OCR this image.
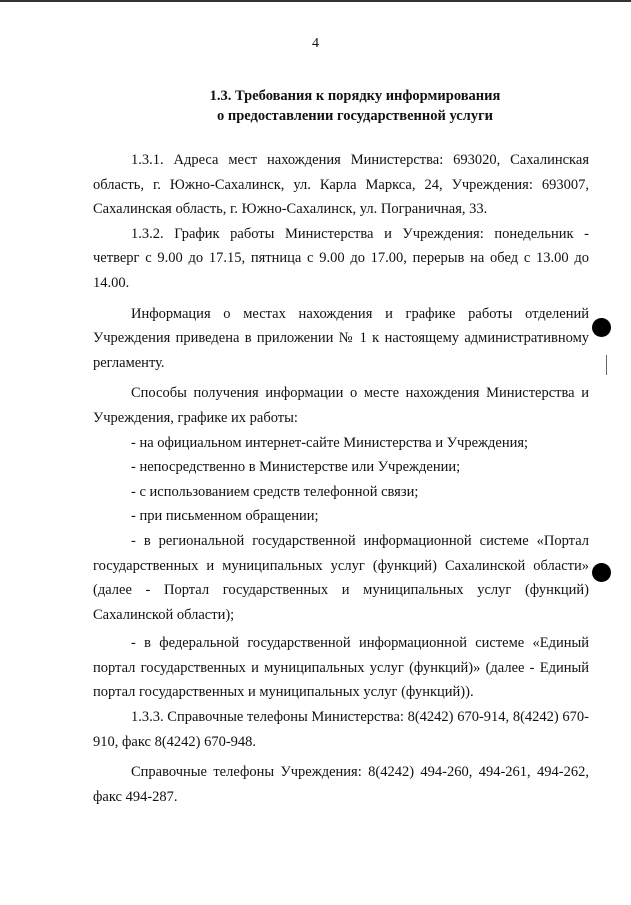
4
1.3. Требования к порядку информирования
о предоставлении государственной услуги

1.3.1. Адреса мест нахождения Министерства: 693020, Сахалинская область, г. Южно-Сахалинск, ул. Карла Маркса, 24, Учреждения: 693007, Сахалинская область, г. Южно-Сахалинск, ул. Пограничная, 33.

1.3.2. График работы Министерства и Учреждения: понедельник - четверг с 9.00 до 17.15, пятница с 9.00 до 17.00, перерыв на обед с 13.00 до 14.00.

Информация о местах нахождения и графике работы отделений Учреждения приведена в приложении № 1 к настоящему административному регламенту.

Способы получения информации о месте нахождения Министерства и Учреждения, графике их работы:

- на официальном интернет-сайте Министерства и Учреждения;

- непосредственно в Министерстве или Учреждении;

- с использованием средств телефонной связи;

- при письменном обращении;

- в региональной государственной информационной системе «Портал государственных и муниципальных услуг (функций) Сахалинской области» (далее - Портал государственных и муниципальных услуг (функций) Сахалинской области);

- в федеральной государственной информационной системе «Единый портал государственных и муниципальных услуг (функций)» (далее - Единый портал государственных и муниципальных услуг (функций)).

1.3.3. Справочные телефоны Министерства: 8(4242) 670-914, 8(4242) 670-910, факс 8(4242) 670-948.

Справочные телефоны Учреждения: 8(4242) 494-260, 494-261, 494-262, факс 494-287.
